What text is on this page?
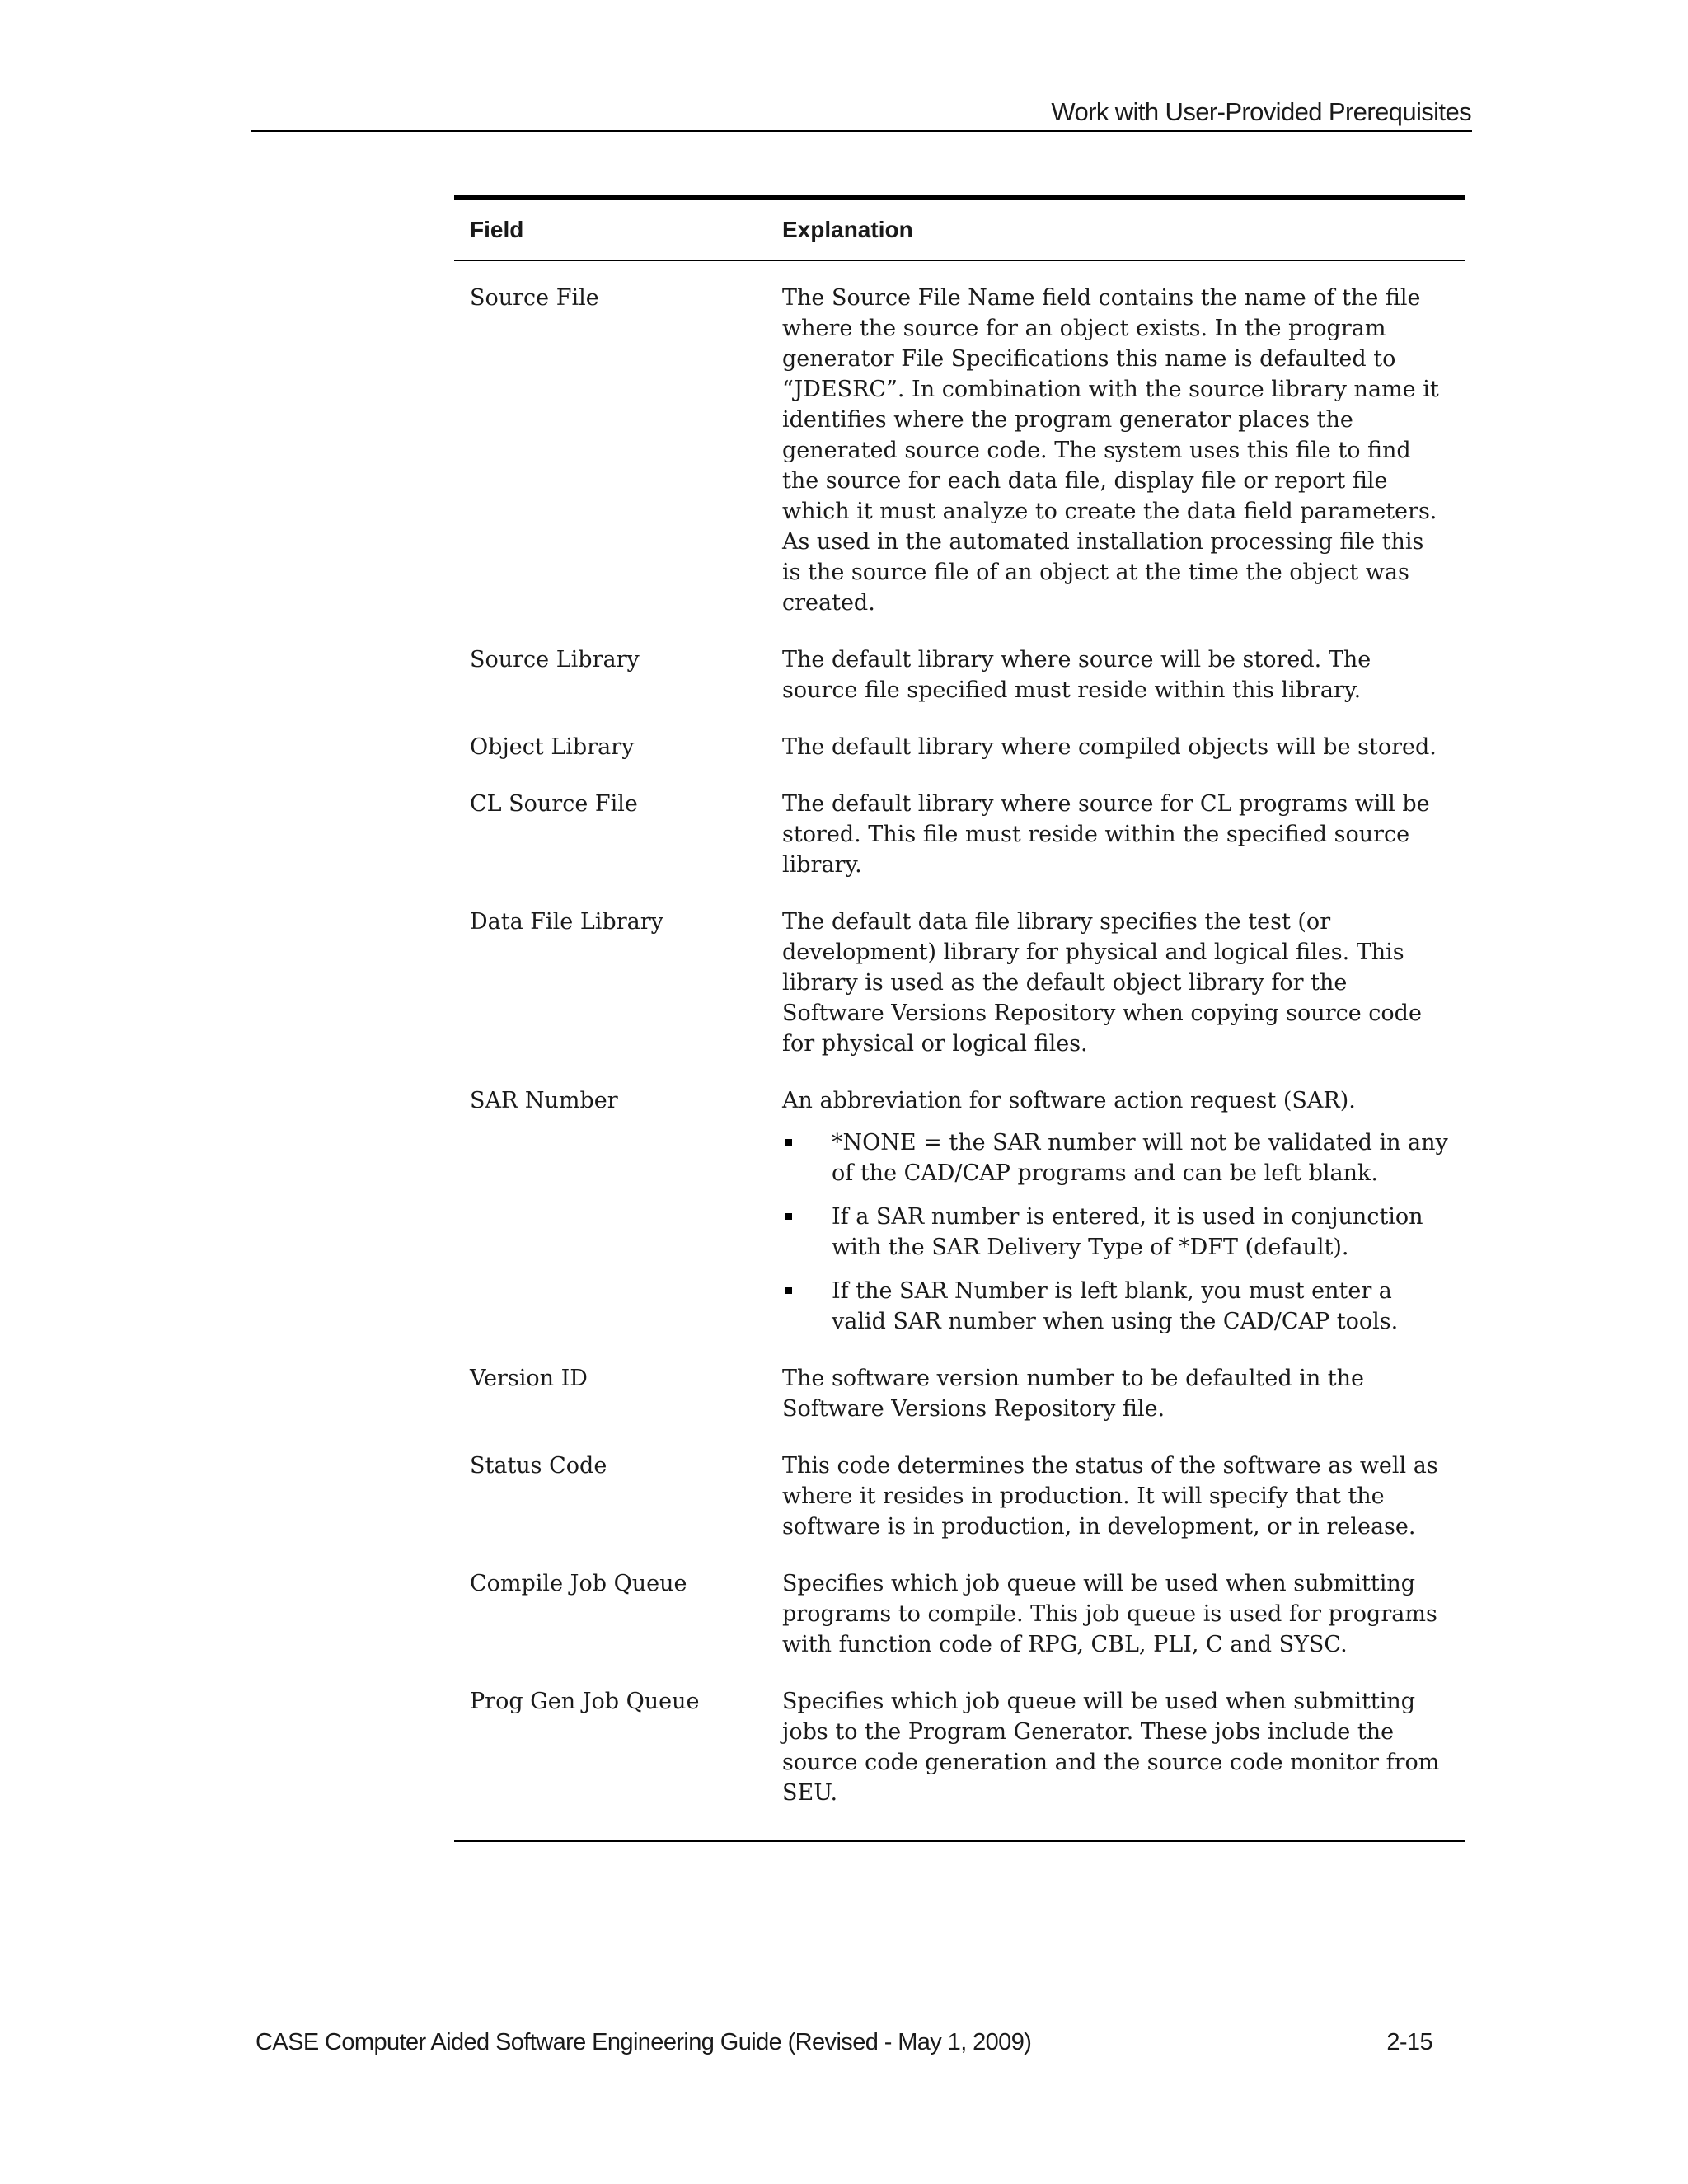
Work with User-Provided Prerequisites
Field	Explanation
Source File	The Source File Name field contains the name of the file where the source for an object exists. In the program generator File Specifications this name is defaulted to “JDESRC”. In combination with the source library name it identifies where the program generator places the generated source code. The system uses this file to find the source for each data file, display file or report file which it must analyze to create the data field parameters. As used in the automated installation processing file this is the source file of an object at the time the object was created.

Source Library	The default library where source will be stored. The source file specified must reside within this library.

Object Library	The default library where compiled objects will be stored.

CL Source File	The default library where source for CL programs will be stored. This file must reside within the specified source library.

Data File Library	The default data file library specifies the test (or development) library for physical and logical files. This library is used as the default object library for the Software Versions Repository when copying source code for physical or logical files.

SAR Number	An abbreviation for software action request (SAR).

*NONE = the SAR number will not be validated in any of the CAD/CAP programs and can be left blank.
If a SAR number is entered, it is used in conjunction with the SAR Delivery Type of *DFT (default).
If the SAR Number is left blank, you must enter a valid SAR number when using the CAD/CAP tools.
Version ID	The software version number to be defaulted in the Software Versions Repository file.

Status Code	This code determines the status of the software as well as where it resides in production. It will specify that the software is in production, in development, or in release.

Compile Job Queue	Specifies which job queue will be used when submitting programs to compile. This job queue is used for programs with function code of RPG, CBL, PLI, C and SYSC.

Prog Gen Job Queue	Specifies which job queue will be used when submitting jobs to the Program Generator. These jobs include the source code generation and the source code monitor from SEU.

CASE Computer Aided Software Engineering Guide (Revised - May 1, 2009)	2-15
